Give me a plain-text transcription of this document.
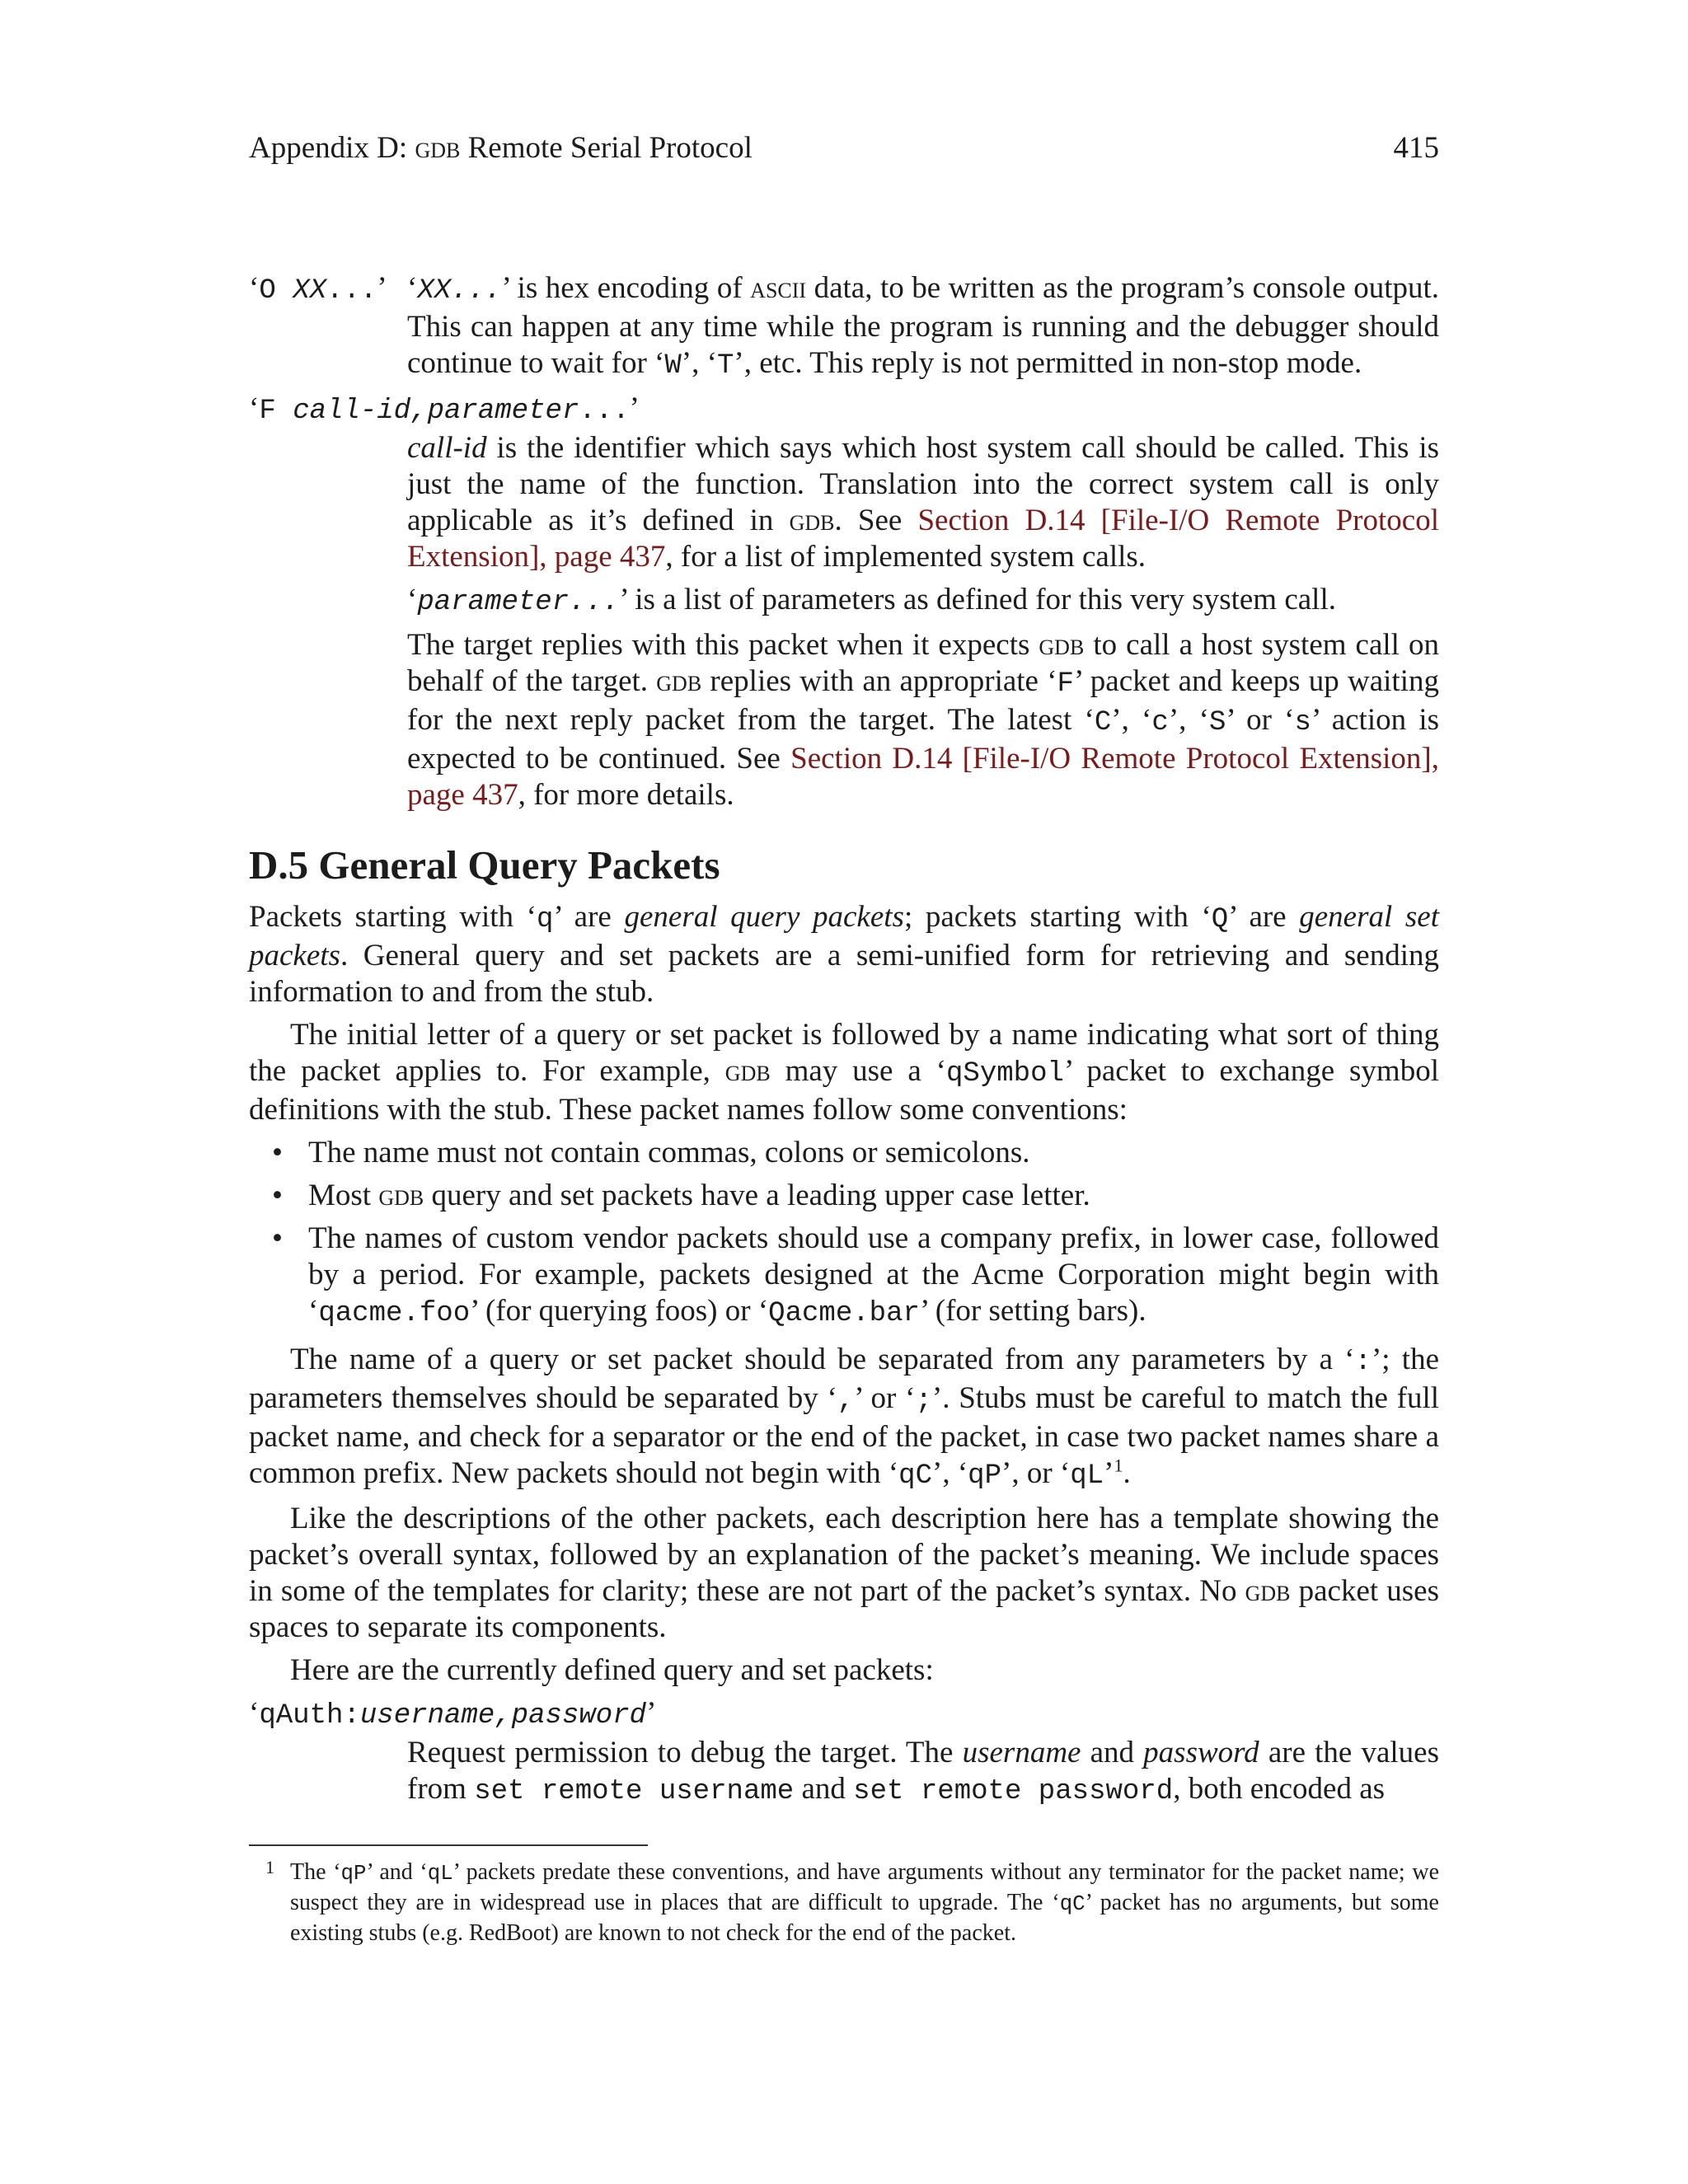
Appendix D: gdb Remote Serial Protocol	415
‘O XX...’ ‘XX...’ is hex encoding of ascii data, to be written as the program’s console output. This can happen at any time while the program is running and the debugger should continue to wait for ‘W’, ‘T’, etc. This reply is not permitted in non-stop mode.

‘F call-id,parameter...’

call-id is the identifier which says which host system call should be called. This is just the name of the function. Translation into the correct system call is only applicable as it’s defined in gdb. See Section D.14 [File-I/O Remote Protocol Extension], page 437, for a list of implemented system calls.

‘parameter...’ is a list of parameters as defined for this very system call.

The target replies with this packet when it expects gdb to call a host system call on behalf of the target. gdb replies with an appropriate ‘F’ packet and keeps up waiting for the next reply packet from the target. The latest ‘C’, ‘c’, ‘S’ or ‘s’ action is expected to be continued. See Section D.14 [File-I/O Remote Protocol Extension], page 437, for more details.

D.5 General Query Packets

Packets starting with ‘q’ are general query packets; packets starting with ‘Q’ are general set packets. General query and set packets are a semi-unified form for retrieving and sending information to and from the stub.

The initial letter of a query or set packet is followed by a name indicating what sort of thing the packet applies to. For example, gdb may use a ‘qSymbol’ packet to exchange symbol definitions with the stub. These packet names follow some conventions:

• The name must not contain commas, colons or semicolons.
• Most gdb query and set packets have a leading upper case letter.
• The names of custom vendor packets should use a company prefix, in lower case, followed by a period. For example, packets designed at the Acme Corporation might begin with ‘qacme.foo’ (for querying foos) or ‘Qacme.bar’ (for setting bars).

The name of a query or set packet should be separated from any parameters by a ‘:’; the parameters themselves should be separated by ‘,’ or ‘;’. Stubs must be careful to match the full packet name, and check for a separator or the end of the packet, in case two packet names share a common prefix. New packets should not begin with ‘qC’, ‘qP’, or ‘qL’$^1$.

Like the descriptions of the other packets, each description here has a template showing the packet’s overall syntax, followed by an explanation of the packet’s meaning. We include spaces in some of the templates for clarity; these are not part of the packet’s syntax. No gdb packet uses spaces to separate its components.

Here are the currently defined query and set packets:

‘qAuth:username,password’

Request permission to debug the target. The username and password are the values from set remote username and set remote password, both encoded as

1 The ‘qP’ and ‘qL’ packets predate these conventions, and have arguments without any terminator for the packet name; we suspect they are in widespread use in places that are difficult to upgrade. The ‘qC’ packet has no arguments, but some existing stubs (e.g. RedBoot) are known to not check for the end of the packet.
